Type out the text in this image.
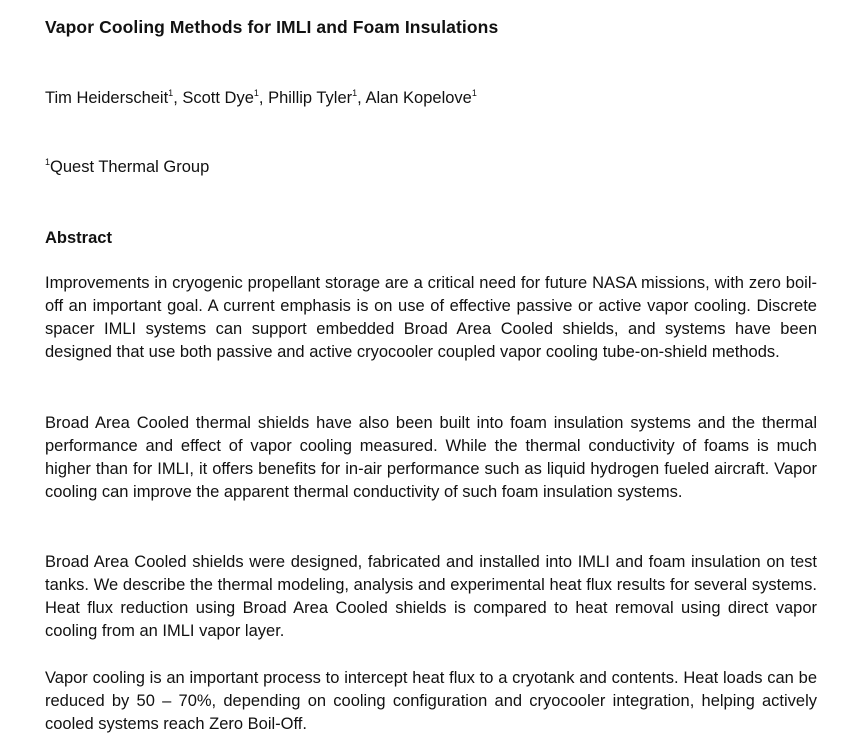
Vapor Cooling Methods for IMLI and Foam Insulations

Tim Heiderscheit$^1$, Scott Dye$^1$, Phillip Tyler$^1$, Alan Kopelove$^1$

$^1$Quest Thermal Group

Abstract

Improvements in cryogenic propellant storage are a critical need for future NASA missions, with zero boil-off an important goal. A current emphasis is on use of effective passive or active vapor cooling. Discrete spacer IMLI systems can support embedded Broad Area Cooled shields, and systems have been designed that use both passive and active cryocooler coupled vapor cooling tube-on-shield methods.

Broad Area Cooled thermal shields have also been built into foam insulation systems and the thermal performance and effect of vapor cooling measured. While the thermal conductivity of foams is much higher than for IMLI, it offers benefits for in-air performance such as liquid hydrogen fueled aircraft. Vapor cooling can improve the apparent thermal conductivity of such foam insulation systems.

Broad Area Cooled shields were designed, fabricated and installed into IMLI and foam insulation on test tanks. We describe the thermal modeling, analysis and experimental heat flux results for several systems. Heat flux reduction using Broad Area Cooled shields is compared to heat removal using direct vapor cooling from an IMLI vapor layer.

Vapor cooling is an important process to intercept heat flux to a cryotank and contents. Heat loads can be reduced by 50 – 70%, depending on cooling configuration and cryocooler integration, helping actively cooled systems reach Zero Boil-Off.
